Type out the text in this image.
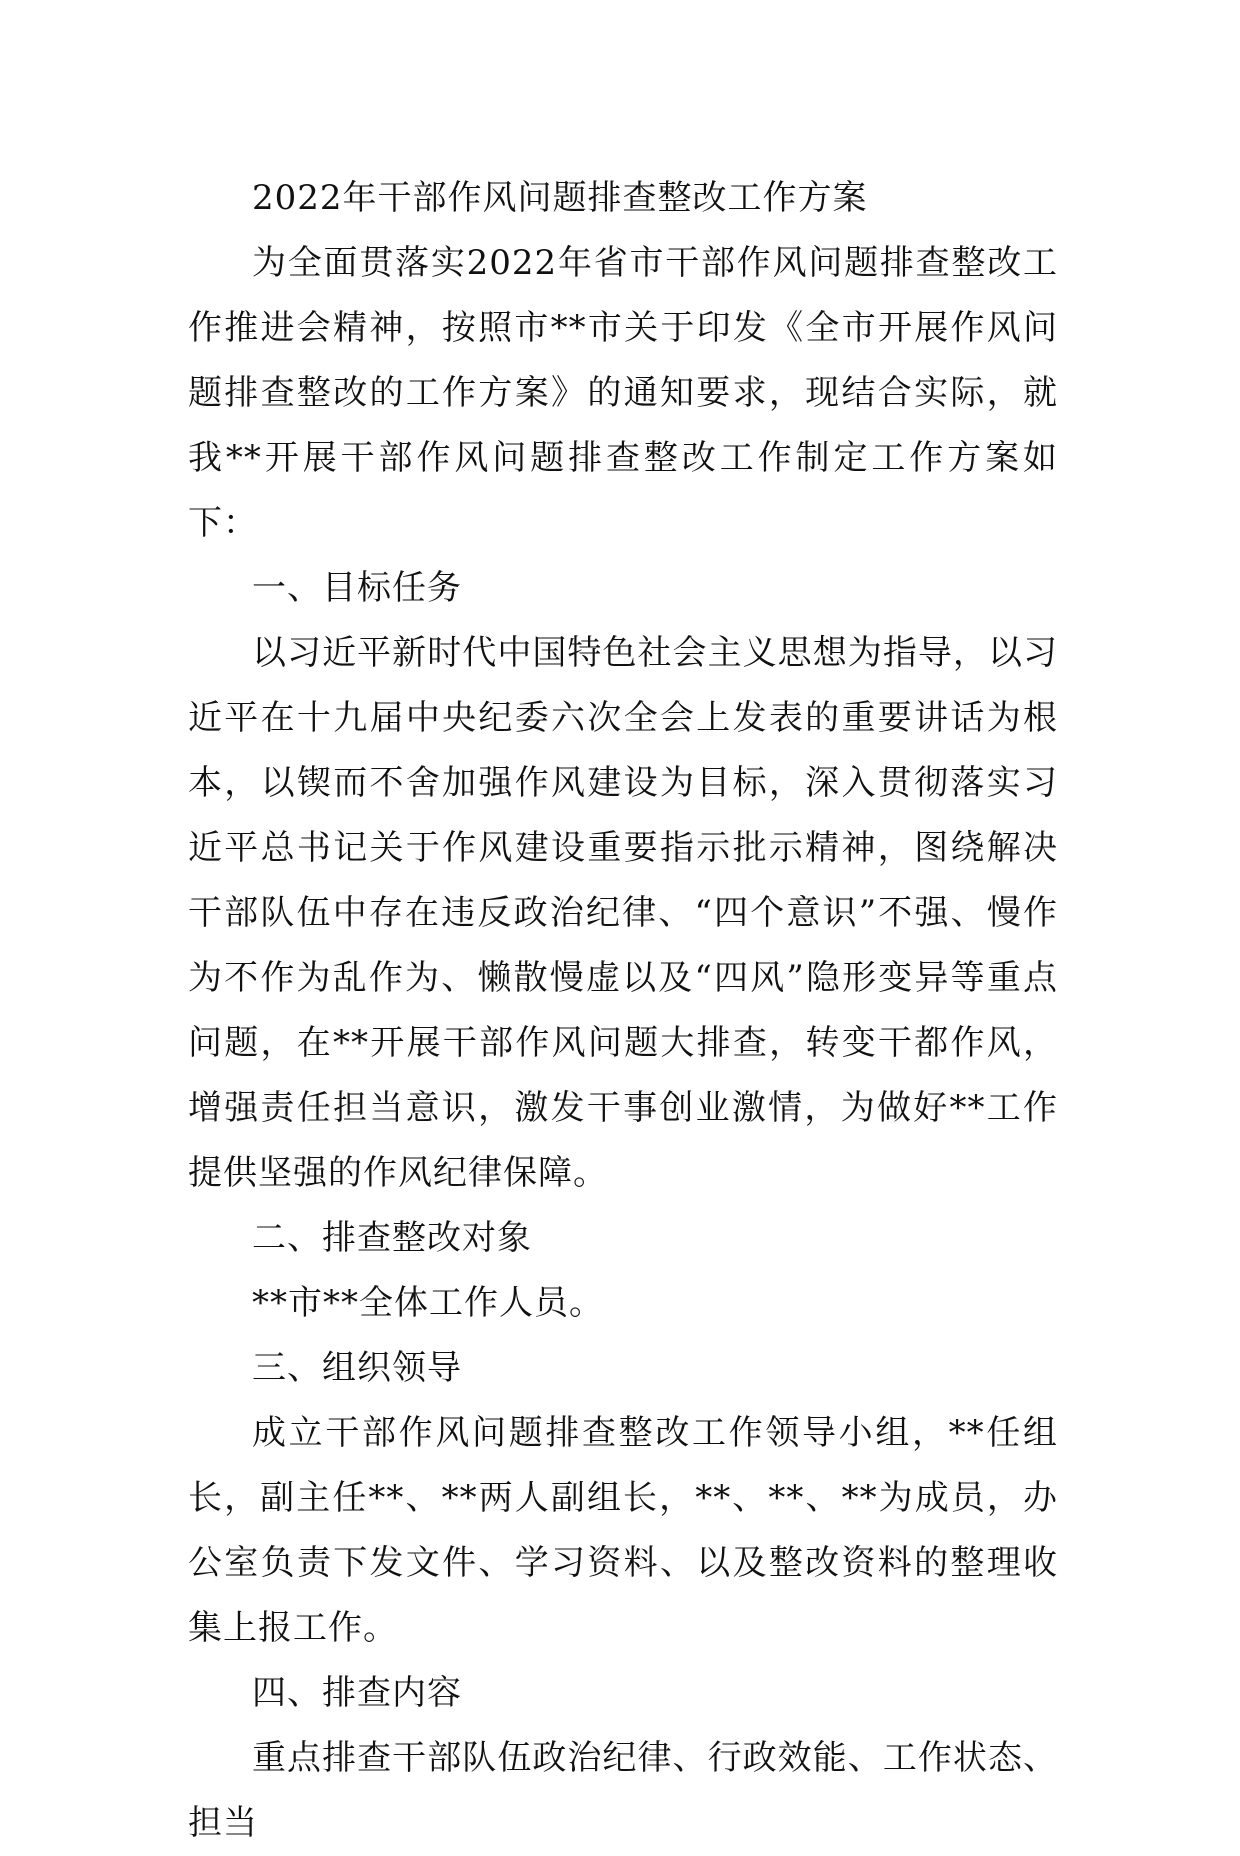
2022年干部作风问题排查整改工作方案

为全面贯落实2022年省市干部作风问题排查整改工作推进会精神，按照市**市关于印发《全市开展作风问题排查整改的工作方案》的通知要求，现结合实际，就我**开展干部作风问题排查整改工作制定工作方案如下：

一、目标任务

以习近平新时代中国特色社会主义思想为指导，以习近平在十九届中央纪委六次全会上发表的重要讲话为根本，以锲而不舍加强作风建设为目标，深入贯彻落实习近平总书记关于作风建设重要指示批示精神，图绕解决干部队伍中存在违反政治纪律、“四个意识”不强、慢作为不作为乱作为、懒散慢虚以及“四风”隐形变异等重点问题，在**开展干部作风问题大排查，转变干都作风，增强责任担当意识，激发干事创业激情，为做好**工作提供坚强的作风纪律保障。

二、排查整改对象

**市**全体工作人员。

三、组织领导

成立干部作风问题排查整改工作领导小组，**任组长，副主任**、**两人副组长，**、**、**为成员，办公室负责下发文件、学习资料、以及整改资料的整理收集上报工作。

四、排查内容

重点排查干部队伍政治纪律、行政效能、工作状态、担当
